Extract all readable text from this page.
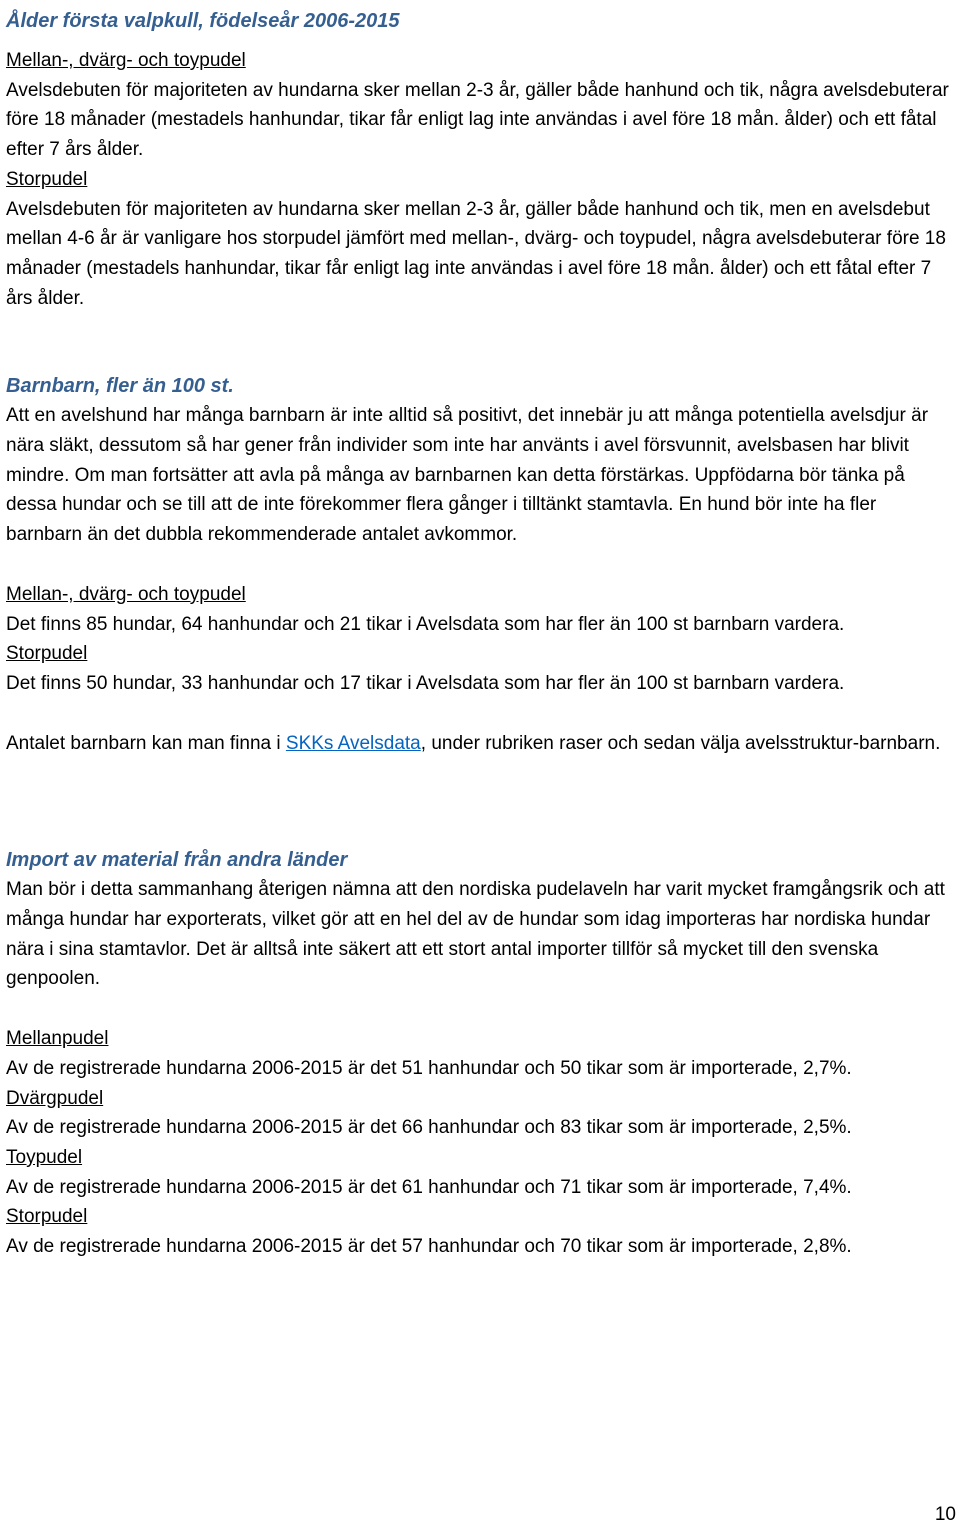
Ålder första valpkull, födelseår 2006-2015

Mellan-, dvärg- och toypudel

Avelsdebuten för majoriteten av hundarna sker mellan 2-3 år, gäller både hanhund och tik, några avelsdebuterar före 18 månader (mestadels hanhundar, tikar får enligt lag inte användas i avel före 18 mån. ålder) och ett fåtal efter 7 års ålder.

Storpudel

Avelsdebuten för majoriteten av hundarna sker mellan 2-3 år, gäller både hanhund och tik, men en avelsdebut mellan 4-6 år är vanligare hos storpudel jämfört med mellan-, dvärg- och toypudel, några avelsdebuterar före 18 månader (mestadels hanhundar, tikar får enligt lag inte användas i avel före 18 mån. ålder) och ett fåtal efter 7 års ålder.

Barnbarn, fler än 100 st.

Att en avelshund har många barnbarn är inte alltid så positivt, det innebär ju att många potentiella avelsdjur är nära släkt, dessutom så har gener från individer som inte har använts i avel försvunnit, avelsbasen har blivit mindre. Om man fortsätter att avla på många av barnbarnen kan detta förstärkas. Uppfödarna bör tänka på dessa hundar och se till att de inte förekommer flera gånger i tilltänkt stamtavla. En hund bör inte ha fler barnbarn än det dubbla rekommenderade antalet avkommor.

Mellan-, dvärg- och toypudel

Det finns 85 hundar, 64 hanhundar och 21 tikar i Avelsdata som har fler än 100 st barnbarn vardera.

Storpudel

Det finns 50 hundar, 33 hanhundar och 17 tikar i Avelsdata som har fler än 100 st barnbarn vardera.

Antalet barnbarn kan man finna i SKKs Avelsdata, under rubriken raser och sedan välja avelsstruktur-barnbarn.

Import av material från andra länder

Man bör i detta sammanhang återigen nämna att den nordiska pudelaveln har varit mycket framgångsrik och att många hundar har exporterats, vilket gör att en hel del av de hundar som idag importeras har nordiska hundar nära i sina stamtavlor. Det är alltså inte säkert att ett stort antal importer tillför så mycket till den svenska genpoolen.

Mellanpudel

Av de registrerade hundarna 2006-2015 är det 51 hanhundar och 50 tikar som är importerade, 2,7%.

Dvärgpudel

Av de registrerade hundarna 2006-2015 är det 66 hanhundar och 83 tikar som är importerade, 2,5%.

Toypudel

Av de registrerade hundarna 2006-2015 är det 61 hanhundar och 71 tikar som är importerade, 7,4%.

Storpudel

Av de registrerade hundarna 2006-2015 är det 57 hanhundar och 70 tikar som är importerade, 2,8%.

10
